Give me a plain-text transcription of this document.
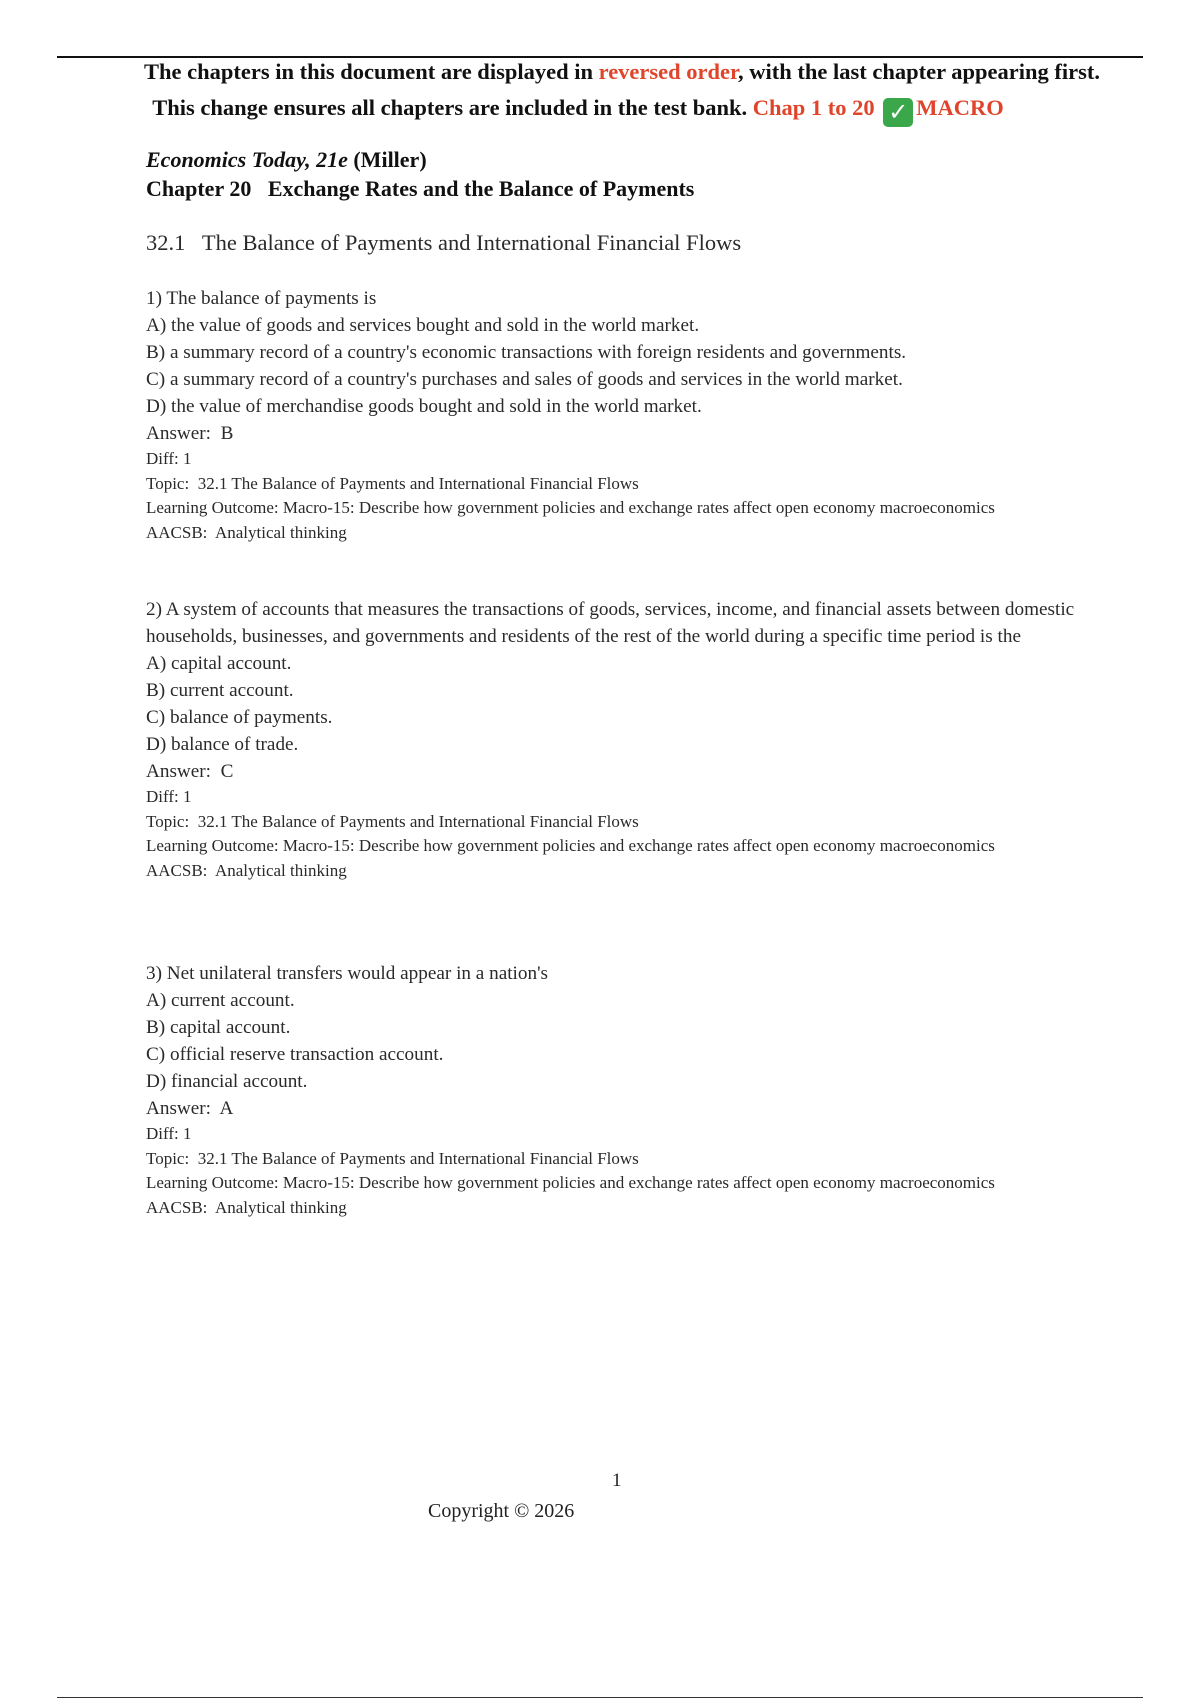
The chapters in this document are displayed in reversed order, with the last chapter appearing first.
This change ensures all chapters are included in the test bank. Chap 1 to 20 ✓ MACRO
Economics Today, 21e (Miller)
Chapter 20   Exchange Rates and the Balance of Payments
32.1   The Balance of Payments and International Financial Flows
1) The balance of payments is
A) the value of goods and services bought and sold in the world market.
B) a summary record of a country's economic transactions with foreign residents and governments.
C) a summary record of a country's purchases and sales of goods and services in the world market.
D) the value of merchandise goods bought and sold in the world market.
Answer:  B
Diff: 1
Topic:  32.1 The Balance of Payments and International Financial Flows
Learning Outcome: Macro-15: Describe how government policies and exchange rates affect open economy macroeconomics
AACSB:  Analytical thinking
2) A system of accounts that measures the transactions of goods, services, income, and financial assets between domestic households, businesses, and governments and residents of the rest of the world during a specific time period is the
A) capital account.
B) current account.
C) balance of payments.
D) balance of trade.
Answer:  C
Diff: 1
Topic:  32.1 The Balance of Payments and International Financial Flows
Learning Outcome: Macro-15: Describe how government policies and exchange rates affect open economy macroeconomics
AACSB:  Analytical thinking
3) Net unilateral transfers would appear in a nation's
A) current account.
B) capital account.
C) official reserve transaction account.
D) financial account.
Answer:  A
Diff: 1
Topic:  32.1 The Balance of Payments and International Financial Flows
Learning Outcome: Macro-15: Describe how government policies and exchange rates affect open economy macroeconomics
AACSB:  Analytical thinking
1
Copyright © 2026
